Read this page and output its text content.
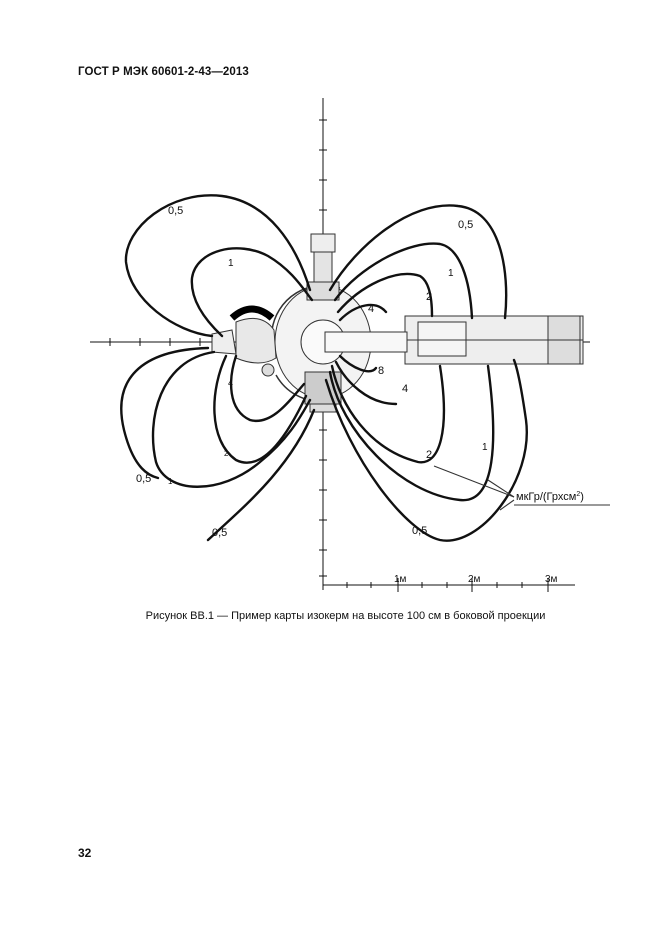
ГОСТ Р МЭК 60601-2-43—2013
1м	2м	3м
0,5
1
0,5
1
2
4
8
4
2
1
0,5
4
2
1
0,5
0,5
мкГр/(Грхсм$^2$)
Рисунок ВВ.1 — Пример карты изокерм на высоте 100 см в боковой проекции
32
